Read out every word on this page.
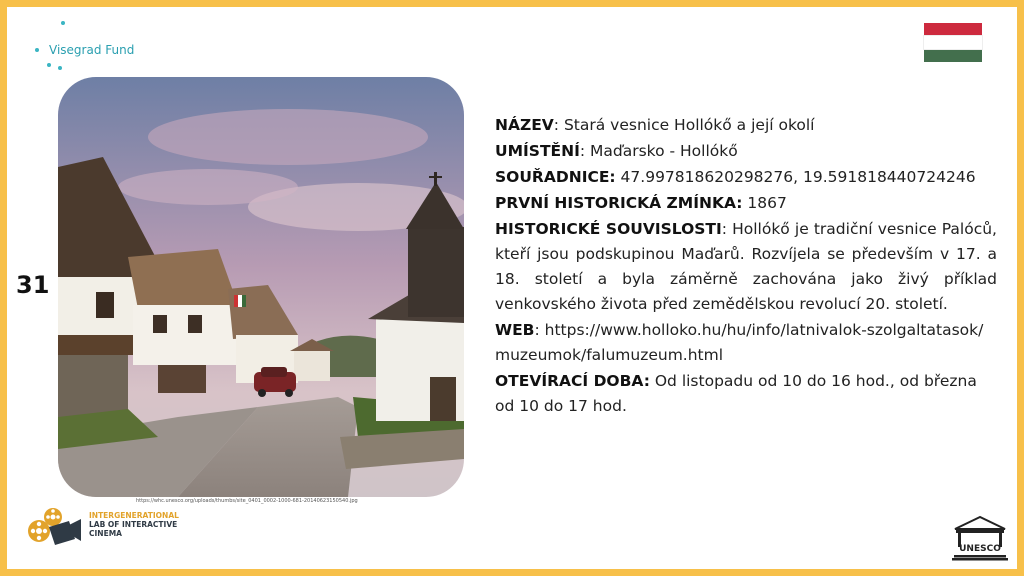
Visegrad Fund
31
https://whc.unesco.org/uploads/thumbs/site_0401_0002-1000-681-20140623150540.jpg

NÁZEV: Stará vesnice Hollókő a její okolí

UMÍSTĚNÍ: Maďarsko - Hollókő

SOUŘADNICE: 47.997818620298276, 19.591818440724246

PRVNÍ HISTORICKÁ ZMÍNKA: 1867

HISTORICKÉ SOUVISLOSTI: Hollókő je tradiční vesnice Palóců, kteří jsou podskupinou Maďarů. Rozvíjela se především v 17. a 18. století a byla záměrně zachována jako živý příklad venkovského života před zemědělskou revolucí 20. století.

WEB: https://www.holloko.hu/hu/info/latnivalok-szolgaltatasok/muzeumok/falumuzeum.html

OTEVÍRACÍ DOBA: Od listopadu od 10 do 16 hod., od března od 10 do 17 hod.

INTERGENERATIONAL
LAB OF INTERACTIVE
CINEMA
UNESCO
